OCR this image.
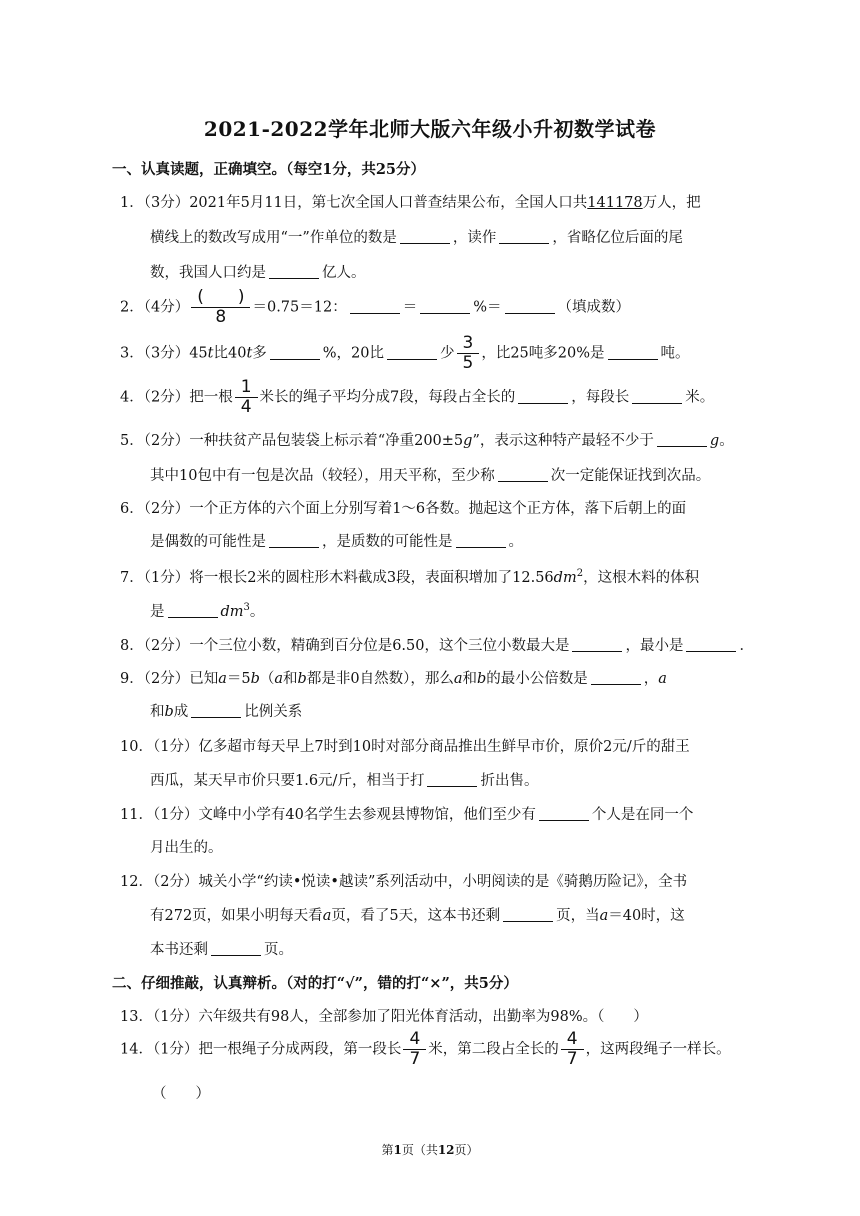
2021-2022学年北师大版六年级小升初数学试卷
一、认真读题，正确填空。（每空1分，共25分）
1．（3分）2021年5月11日，第七次全国人口普查结果公布，全国人口共141178万人，把
横线上的数改写成用“一”作单位的数是	，读作	，省略亿位后面的尾
数，我国人口约是	亿人。
2．（4分） $\frac{( )}{8} =0.75=12$：	＝	%＝	（填成数）
3．（3分）45t比40t多	%，20比	少 $\frac{3}{5}$ ，比25吨多20%是	吨。
4．（2分）把一根 $\frac{1}{4}$ 米长的绳子平均分成7段，每段占全长的	，每段长	米。
5．（2分）一种扶贫产品包装袋上标示着“净重200±5g”，表示这种特产最轻不少于	g。
其中10包中有一包是次品（较轻），用天平称，至少称	次一定能保证找到次品。
6．（2分）一个正方体的六个面上分别写着1～6各数。抛起这个正方体，落下后朝上的面
是偶数的可能性是	，是质数的可能性是	。
7．（1分）将一根长2米的圆柱形木料截成3段，表面积增加了$12.56dm^2$，这根木料的体积
是	$dm^3$。
8．（2分）一个三位小数，精确到百分位是6.50，这个三位小数最大是	，最小是	．
9．（2分）已知a＝5b（a和b都是非0自然数），那么a和b的最小公倍数是	，a
和b成	比例关系
10．（1分）亿多超市每天早上7时到10时对部分商品推出生鲜早市价，原价2元/斤的甜王
西瓜，某天早市价只要1.6元/斤，相当于打	折出售。
11．（1分）文峰中小学有40名学生去参观县博物馆，他们至少有	个人是在同一个
月出生的。
12．（2分）城关小学“约读•悦读•越读”系列活动中，小明阅读的是《骑鹅历险记》，全书
有272页，如果小明每天看a页，看了5天，这本书还剩	页，当a＝40时，这
本书还剩	页。
二、仔细推敲，认真辩析。（对的打“√”，错的打“×”，共5分）
13．（1分）六年级共有98人，全部参加了阳光体育活动，出勤率为98%。（　　）
14．（1分）把一根绳子分成两段，第一段长 $\frac{4}{7}$ 米，第二段占全长的 $\frac{4}{7}$ ，这两段绳子一样长。
（　　）
第1页（共12页）
